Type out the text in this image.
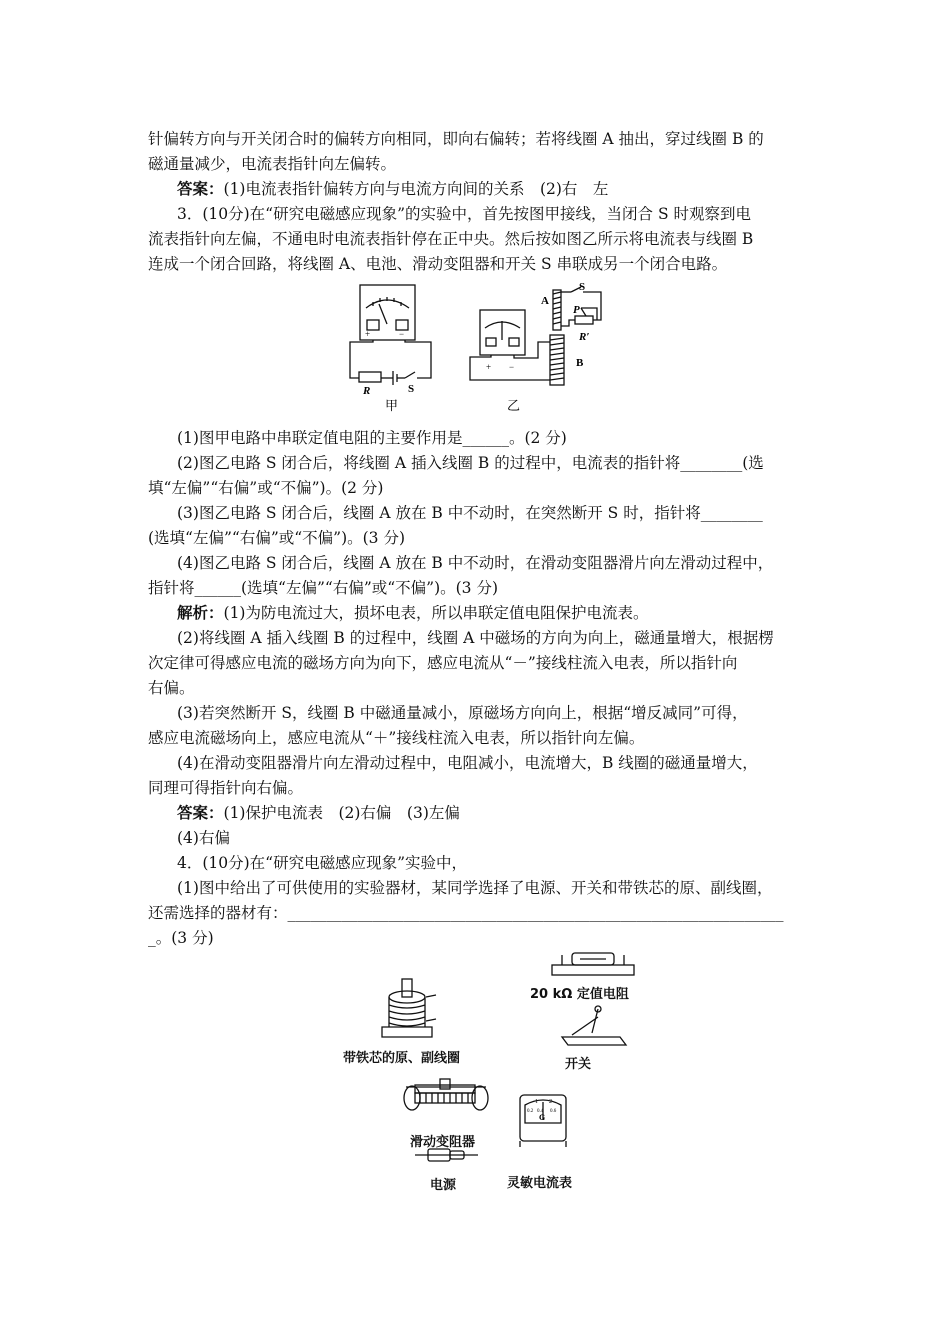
针偏转方向与开关闭合时的偏转方向相同，即向右偏转；若将线圈 A 抽出，穿过线圈 B 的
磁通量减少，电流表指针向左偏转。
答案：(1)电流表指针偏转方向与电流方向间的关系　(2)右　左
3．(10分)在“研究电磁感应现象”的实验中，首先按图甲接线，当闭合 S 时观察到电
流表指针向左偏，不通电时电流表指针停在正中央。然后按如图乙所示将电流表与线圈 B
连成一个闭合回路，将线圈 A、电池、滑动变阻器和开关 S 串联成另一个闭合电路。
+	−
+ −
R	S
A
S
P
R′
B
甲	乙
(1)图甲电路中串联定值电阻的主要作用是______。(2 分)
(2)图乙电路 S 闭合后，将线圈 A 插入线圈 B 的过程中，电流表的指针将________(选
填“左偏”“右偏”或“不偏”)。(2 分)
(3)图乙电路 S 闭合后，线圈 A 放在 B 中不动时，在突然断开 S 时，指针将________
(选填“左偏”“右偏”或“不偏”)。(3 分)
(4)图乙电路 S 闭合后，线圈 A 放在 B 中不动时，在滑动变阻器滑片向左滑动过程中，
指针将______(选填“左偏”“右偏”或“不偏”)。(3 分)
解析：(1)为防电流过大，损坏电表，所以串联定值电阻保护电流表。
(2)将线圈 A 插入线圈 B 的过程中，线圈 A 中磁场的方向为向上，磁通量增大，根据楞
次定律可得感应电流的磁场方向为向下，感应电流从“－”接线柱流入电表，所以指针向
右偏。
(3)若突然断开 S，线圈 B 中磁通量减小，原磁场方向向上，根据“增反减同”可得，
感应电流磁场向上，感应电流从“＋”接线柱流入电表，所以指针向左偏。
(4)在滑动变阻器滑片向左滑动过程中，电阻减小，电流增大，B 线圈的磁通量增大，
同理可得指针向右偏。
答案：(1)保护电流表　(2)右偏　(3)左偏
(4)右偏
4．(10分)在“研究电磁感应现象”实验中，
(1)图中给出了可供使用的实验器材，某同学选择了电源、开关和带铁芯的原、副线圈，
还需选择的器材有：________________________________________________________________
_。(3 分)
1 2
0.2 0.4 0.6
G
带铁芯的原、副线圈
20 kΩ 定值电阻
开关
滑动变阻器
电源	灵敏电流表
